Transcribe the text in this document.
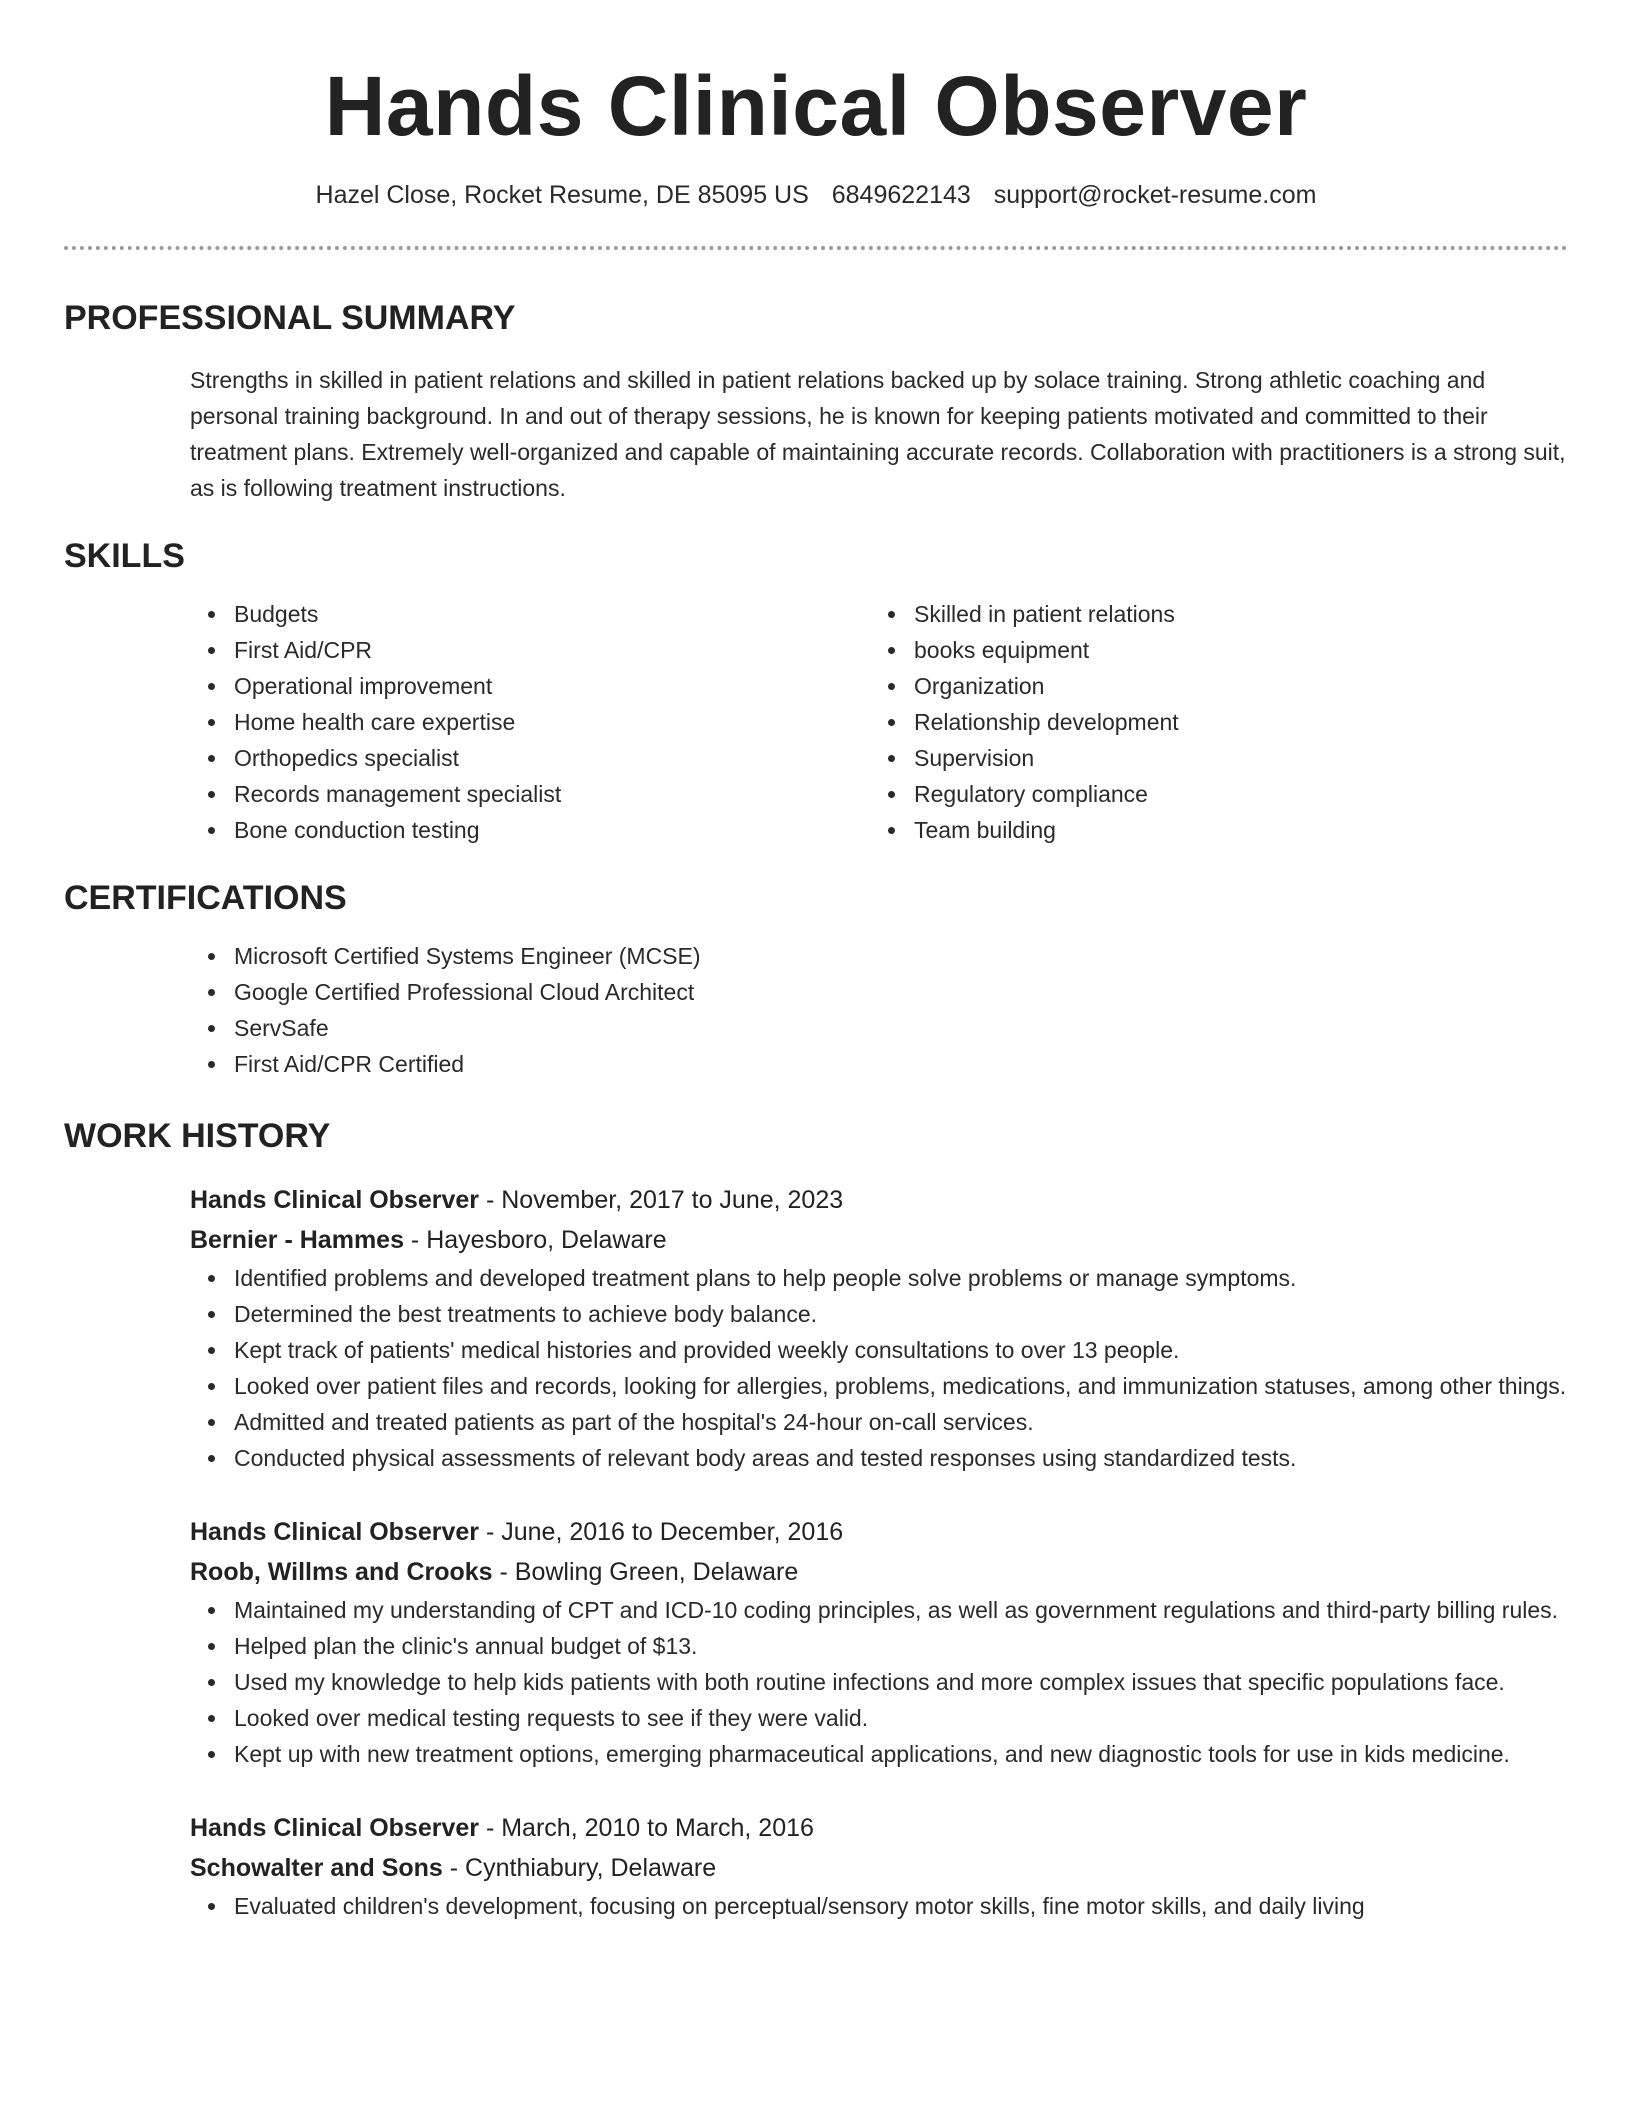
Hands Clinical Observer
Hazel Close, Rocket Resume, DE 85095 US 6849622143 support@rocket-resume.com
PROFESSIONAL SUMMARY
Strengths in skilled in patient relations and skilled in patient relations backed up by solace training. Strong athletic coaching and personal training background. In and out of therapy sessions, he is known for keeping patients motivated and committed to their treatment plans. Extremely well-organized and capable of maintaining accurate records. Collaboration with practitioners is a strong suit, as is following treatment instructions.
SKILLS
Budgets
First Aid/CPR
Operational improvement
Home health care expertise
Orthopedics specialist
Records management specialist
Bone conduction testing
Skilled in patient relations
books equipment
Organization
Relationship development
Supervision
Regulatory compliance
Team building
CERTIFICATIONS
Microsoft Certified Systems Engineer (MCSE)
Google Certified Professional Cloud Architect
ServSafe
First Aid/CPR Certified
WORK HISTORY
Hands Clinical Observer - November, 2017 to June, 2023
Bernier - Hammes - Hayesboro, Delaware
Identified problems and developed treatment plans to help people solve problems or manage symptoms.
Determined the best treatments to achieve body balance.
Kept track of patients' medical histories and provided weekly consultations to over 13 people.
Looked over patient files and records, looking for allergies, problems, medications, and immunization statuses, among other things.
Admitted and treated patients as part of the hospital's 24-hour on-call services.
Conducted physical assessments of relevant body areas and tested responses using standardized tests.
Hands Clinical Observer - June, 2016 to December, 2016
Roob, Willms and Crooks - Bowling Green, Delaware
Maintained my understanding of CPT and ICD-10 coding principles, as well as government regulations and third-party billing rules.
Helped plan the clinic's annual budget of $13.
Used my knowledge to help kids patients with both routine infections and more complex issues that specific populations face.
Looked over medical testing requests to see if they were valid.
Kept up with new treatment options, emerging pharmaceutical applications, and new diagnostic tools for use in kids medicine.
Hands Clinical Observer - March, 2010 to March, 2016
Schowalter and Sons - Cynthiabury, Delaware
Evaluated children's development, focusing on perceptual/sensory motor skills, fine motor skills, and daily living
